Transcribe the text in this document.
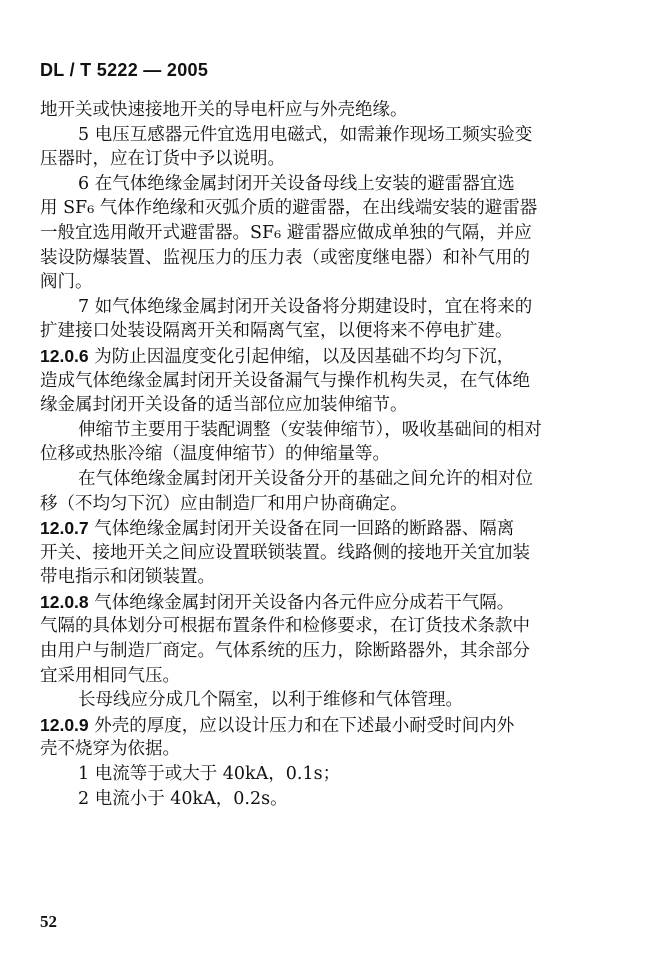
DL / T 5222 — 2005
地开关或快速接地开关的导电杆应与外壳绝缘。
5 电压互感器元件宜选用电磁式，如需兼作现场工频实验变
压器时，应在订货中予以说明。
6 在气体绝缘金属封闭开关设备母线上安装的避雷器宜选
用 SF₆ 气体作绝缘和灭弧介质的避雷器，在出线端安装的避雷器
一般宜选用敞开式避雷器。SF₆ 避雷器应做成单独的气隔，并应
装设防爆装置、监视压力的压力表（或密度继电器）和补气用的
阀门。
7 如气体绝缘金属封闭开关设备将分期建设时，宜在将来的
扩建接口处装设隔离开关和隔离气室，以便将来不停电扩建。
12.0.6 为防止因温度变化引起伸缩，以及因基础不均匀下沉，
造成气体绝缘金属封闭开关设备漏气与操作机构失灵，在气体绝
缘金属封闭开关设备的适当部位应加装伸缩节。
伸缩节主要用于装配调整（安装伸缩节），吸收基础间的相对
位移或热胀冷缩（温度伸缩节）的伸缩量等。
在气体绝缘金属封闭开关设备分开的基础之间允许的相对位
移（不均匀下沉）应由制造厂和用户协商确定。
12.0.7 气体绝缘金属封闭开关设备在同一回路的断路器、隔离
开关、接地开关之间应设置联锁装置。线路侧的接地开关宜加装
带电指示和闭锁装置。
12.0.8 气体绝缘金属封闭开关设备内各元件应分成若干气隔。
气隔的具体划分可根据布置条件和检修要求，在订货技术条款中
由用户与制造厂商定。气体系统的压力，除断路器外，其余部分
宜采用相同气压。
长母线应分成几个隔室，以利于维修和气体管理。
12.0.9 外壳的厚度，应以设计压力和在下述最小耐受时间内外
壳不烧穿为依据。
1 电流等于或大于 40kA，0.1s；
2 电流小于 40kA，0.2s。
52
